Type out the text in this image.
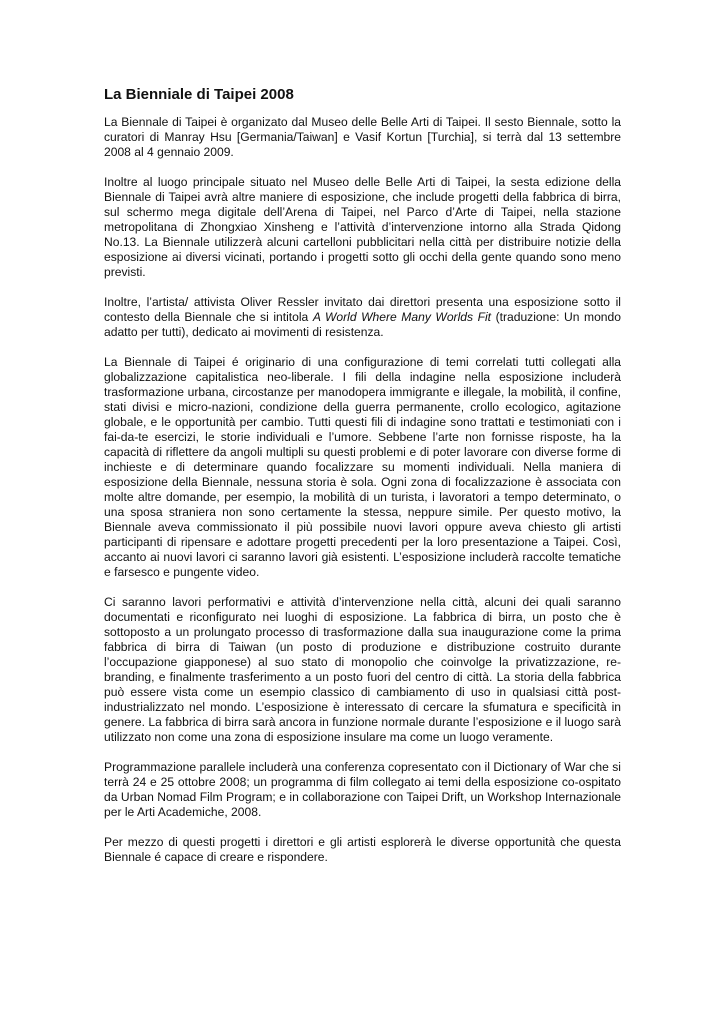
La Bienniale di Taipei 2008

La Biennale di Taipei è organizato dal Museo delle Belle Arti di Taipei. Il sesto Biennale, sotto la curatori di Manray Hsu [Germania/Taiwan] e Vasif Kortun [Turchia], si terrà dal 13 settembre 2008 al 4 gennaio 2009.

Inoltre al luogo principale situato nel Museo delle Belle Arti di Taipei, la sesta edizione della Biennale di Taipei avrà altre maniere di esposizione, che include progetti della fabbrica di birra, sul schermo mega digitale dell’Arena di Taipei, nel Parco d’Arte di Taipei, nella stazione metropolitana di Zhongxiao Xinsheng e l’attività d’intervenzione intorno alla Strada Qidong No.13. La Biennale utilizzerà alcuni cartelloni pubblicitari nella città per distribuire notizie della esposizione ai diversi vicinati, portando i progetti sotto gli occhi della gente quando sono meno previsti.

Inoltre, l’artista/ attivista Oliver Ressler invitato dai direttori presenta una esposizione sotto il contesto della Biennale che si intitola A World Where Many Worlds Fit (traduzione: Un mondo adatto per tutti), dedicato ai movimenti di resistenza.

La Biennale di Taipei é originario di una configurazione di temi correlati tutti collegati alla globalizzazione capitalistica neo-liberale. I fili della indagine nella esposizione includerà trasformazione urbana, circostanze per manodopera immigrante e illegale, la mobilità, il confine, stati divisi e micro-nazioni, condizione della guerra permanente, crollo ecologico, agitazione globale, e le opportunità per cambio. Tutti questi fili di indagine sono trattati e testimoniati con i fai-da-te esercizi, le storie individuali e l’umore. Sebbene l’arte non fornisse risposte, ha la capacità di riflettere da angoli multipli su questi problemi e di poter lavorare con diverse forme di inchieste e di determinare quando focalizzare su momenti individuali. Nella maniera di esposizione della Biennale, nessuna storia è sola. Ogni zona di focalizzazione è associata con molte altre domande, per esempio, la mobilità di un turista, i lavoratori a tempo determinato, o una sposa straniera non sono certamente la stessa, neppure simile. Per questo motivo, la Biennale aveva commissionato il più possibile nuovi lavori oppure aveva chiesto gli artisti participanti di ripensare e adottare progetti precedenti per la loro presentazione a Taipei. Così, accanto ai nuovi lavori ci saranno lavori già esistenti. L’esposizione includerà raccolte tematiche e farsesco e pungente video.

Ci saranno lavori performativi e attività d’intervenzione nella città, alcuni dei quali saranno documentati e riconfigurato nei luoghi di esposizione. La fabbrica di birra, un posto che è sottoposto a un prolungato processo di trasformazione dalla sua inaugurazione come la prima fabbrica di birra di Taiwan (un posto di produzione e distribuzione costruito durante l’occupazione giapponese) al suo stato di monopolio che coinvolge la privatizzazione, re-branding, e finalmente trasferimento a un posto fuori del centro di città. La storia della fabbrica può essere vista come un esempio classico di cambiamento di uso in qualsiasi città post-industrializzato nel mondo. L’esposizione è interessato di cercare la sfumatura e specificità in genere. La fabbrica di birra sarà ancora in funzione normale durante l’esposizione e il luogo sarà utilizzato non come una zona di esposizione insulare ma come un luogo veramente.

Programmazione parallele includerà una conferenza copresentato con il Dictionary of War che si terrà 24 e 25 ottobre 2008; un programma di film collegato ai temi della esposizione co-ospitato da Urban Nomad Film Program; e in collaborazione con Taipei Drift, un Workshop Internazionale per le Arti Academiche, 2008.

Per mezzo di questi progetti i direttori e gli artisti esplorerà le diverse opportunità che questa Biennale é capace di creare e rispondere.
